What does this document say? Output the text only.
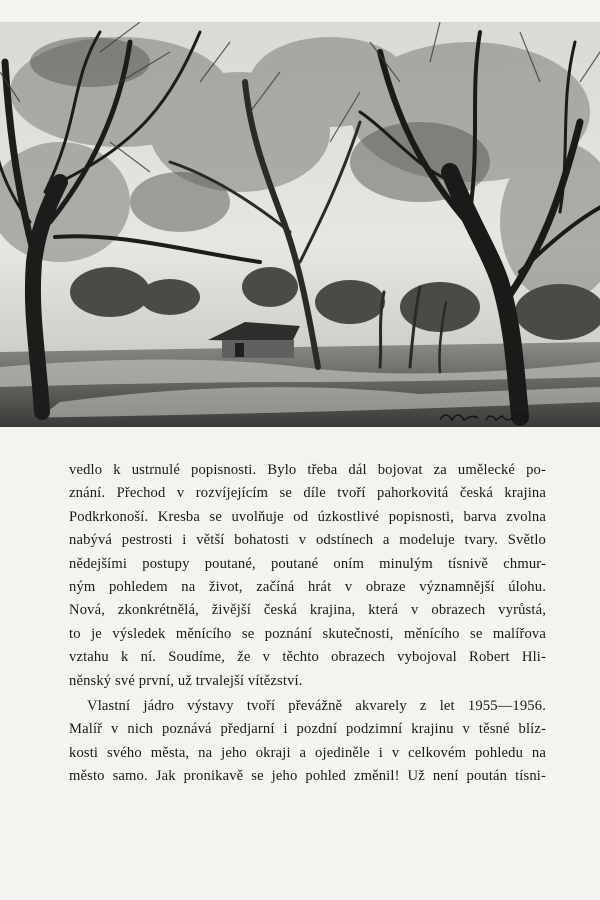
vedlo k ustrnulé popisnosti. Bylo třeba dál bojovat za umělecké po-
znání. Přechod v rozvíjejícím se díle tvoří pahorkovitá česká krajina
Podkrkonoší. Kresba se uvolňuje od úzkostlivé popisnosti, barva zvolna
nabývá pestrosti i větší bohatosti v odstínech a modeluje tvary. Světlo
nědejšími postupy poutané, poutané oním minulým tísnivě chmur-
ným pohledem na život, začíná hrát v obraze významnější úlohu.
Nová, zkonkrétnělá, živější česká krajina, která v obrazech vyrůstá,
to je výsledek měnícího se poznání skutečnosti, měnícího se malířova
vztahu k ní. Soudíme, že v těchto obrazech vybojoval Robert Hli-
něnský své první, už trvalejší vítězství.

Vlastní jádro výstavy tvoří převážně akvarely z let 1955—1956.
Malíř v nich poznává předjarní i pozdní podzimní krajinu v těsné blíz-
kosti svého města, na jeho okraji a ojediněle i v celkovém pohledu na
město samo. Jak pronikavě se jeho pohled změnil! Už není poután tísni-
